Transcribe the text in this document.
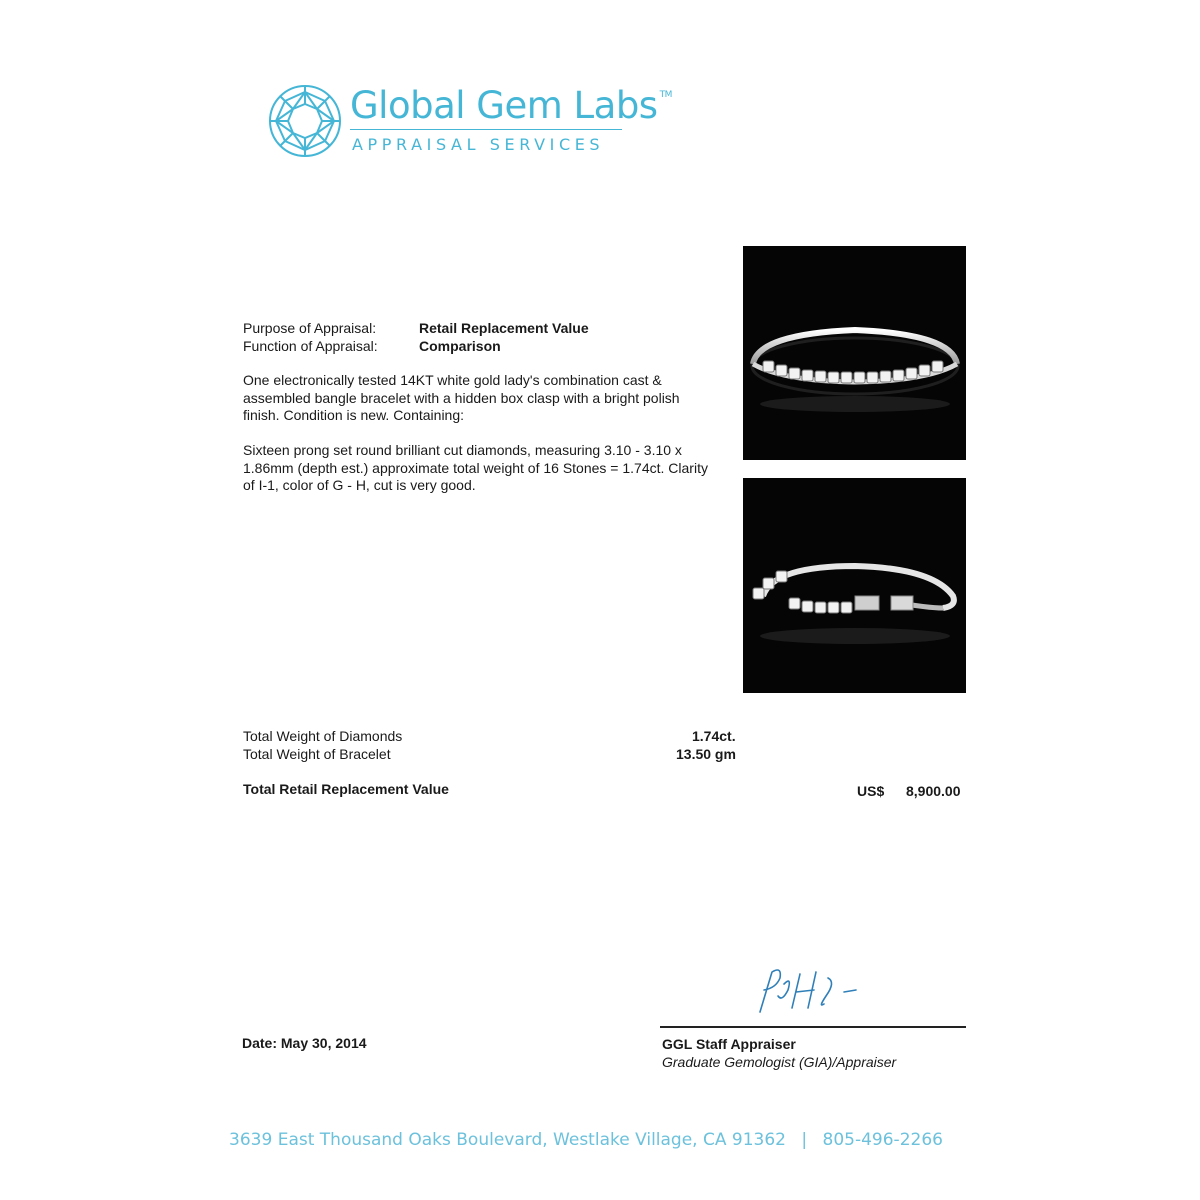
Global Gem Labs ™
APPRAISAL SERVICES
Purpose of Appraisal:	Retail Replacement Value
Function of Appraisal:	Comparison
One electronically tested 14KT white gold lady's combination cast & assembled bangle bracelet with a hidden box clasp with a bright polish finish. Condition is new. Containing:
Sixteen prong set round brilliant cut diamonds, measuring 3.10 - 3.10 x 1.86mm (depth est.) approximate total weight of 16 Stones = 1.74ct. Clarity of I-1, color of G - H, cut is very good.
Total Weight of Diamonds	1.74ct.
Total Weight of Bracelet	13.50 gm
Total Retail Replacement Value	US$ 8,900.00
Date: May 30, 2014	GGL Staff Appraiser
Graduate Gemologist (GIA)/Appraiser
3639 East Thousand Oaks Boulevard, Westlake Village, CA 91362 | 805-496-2266
